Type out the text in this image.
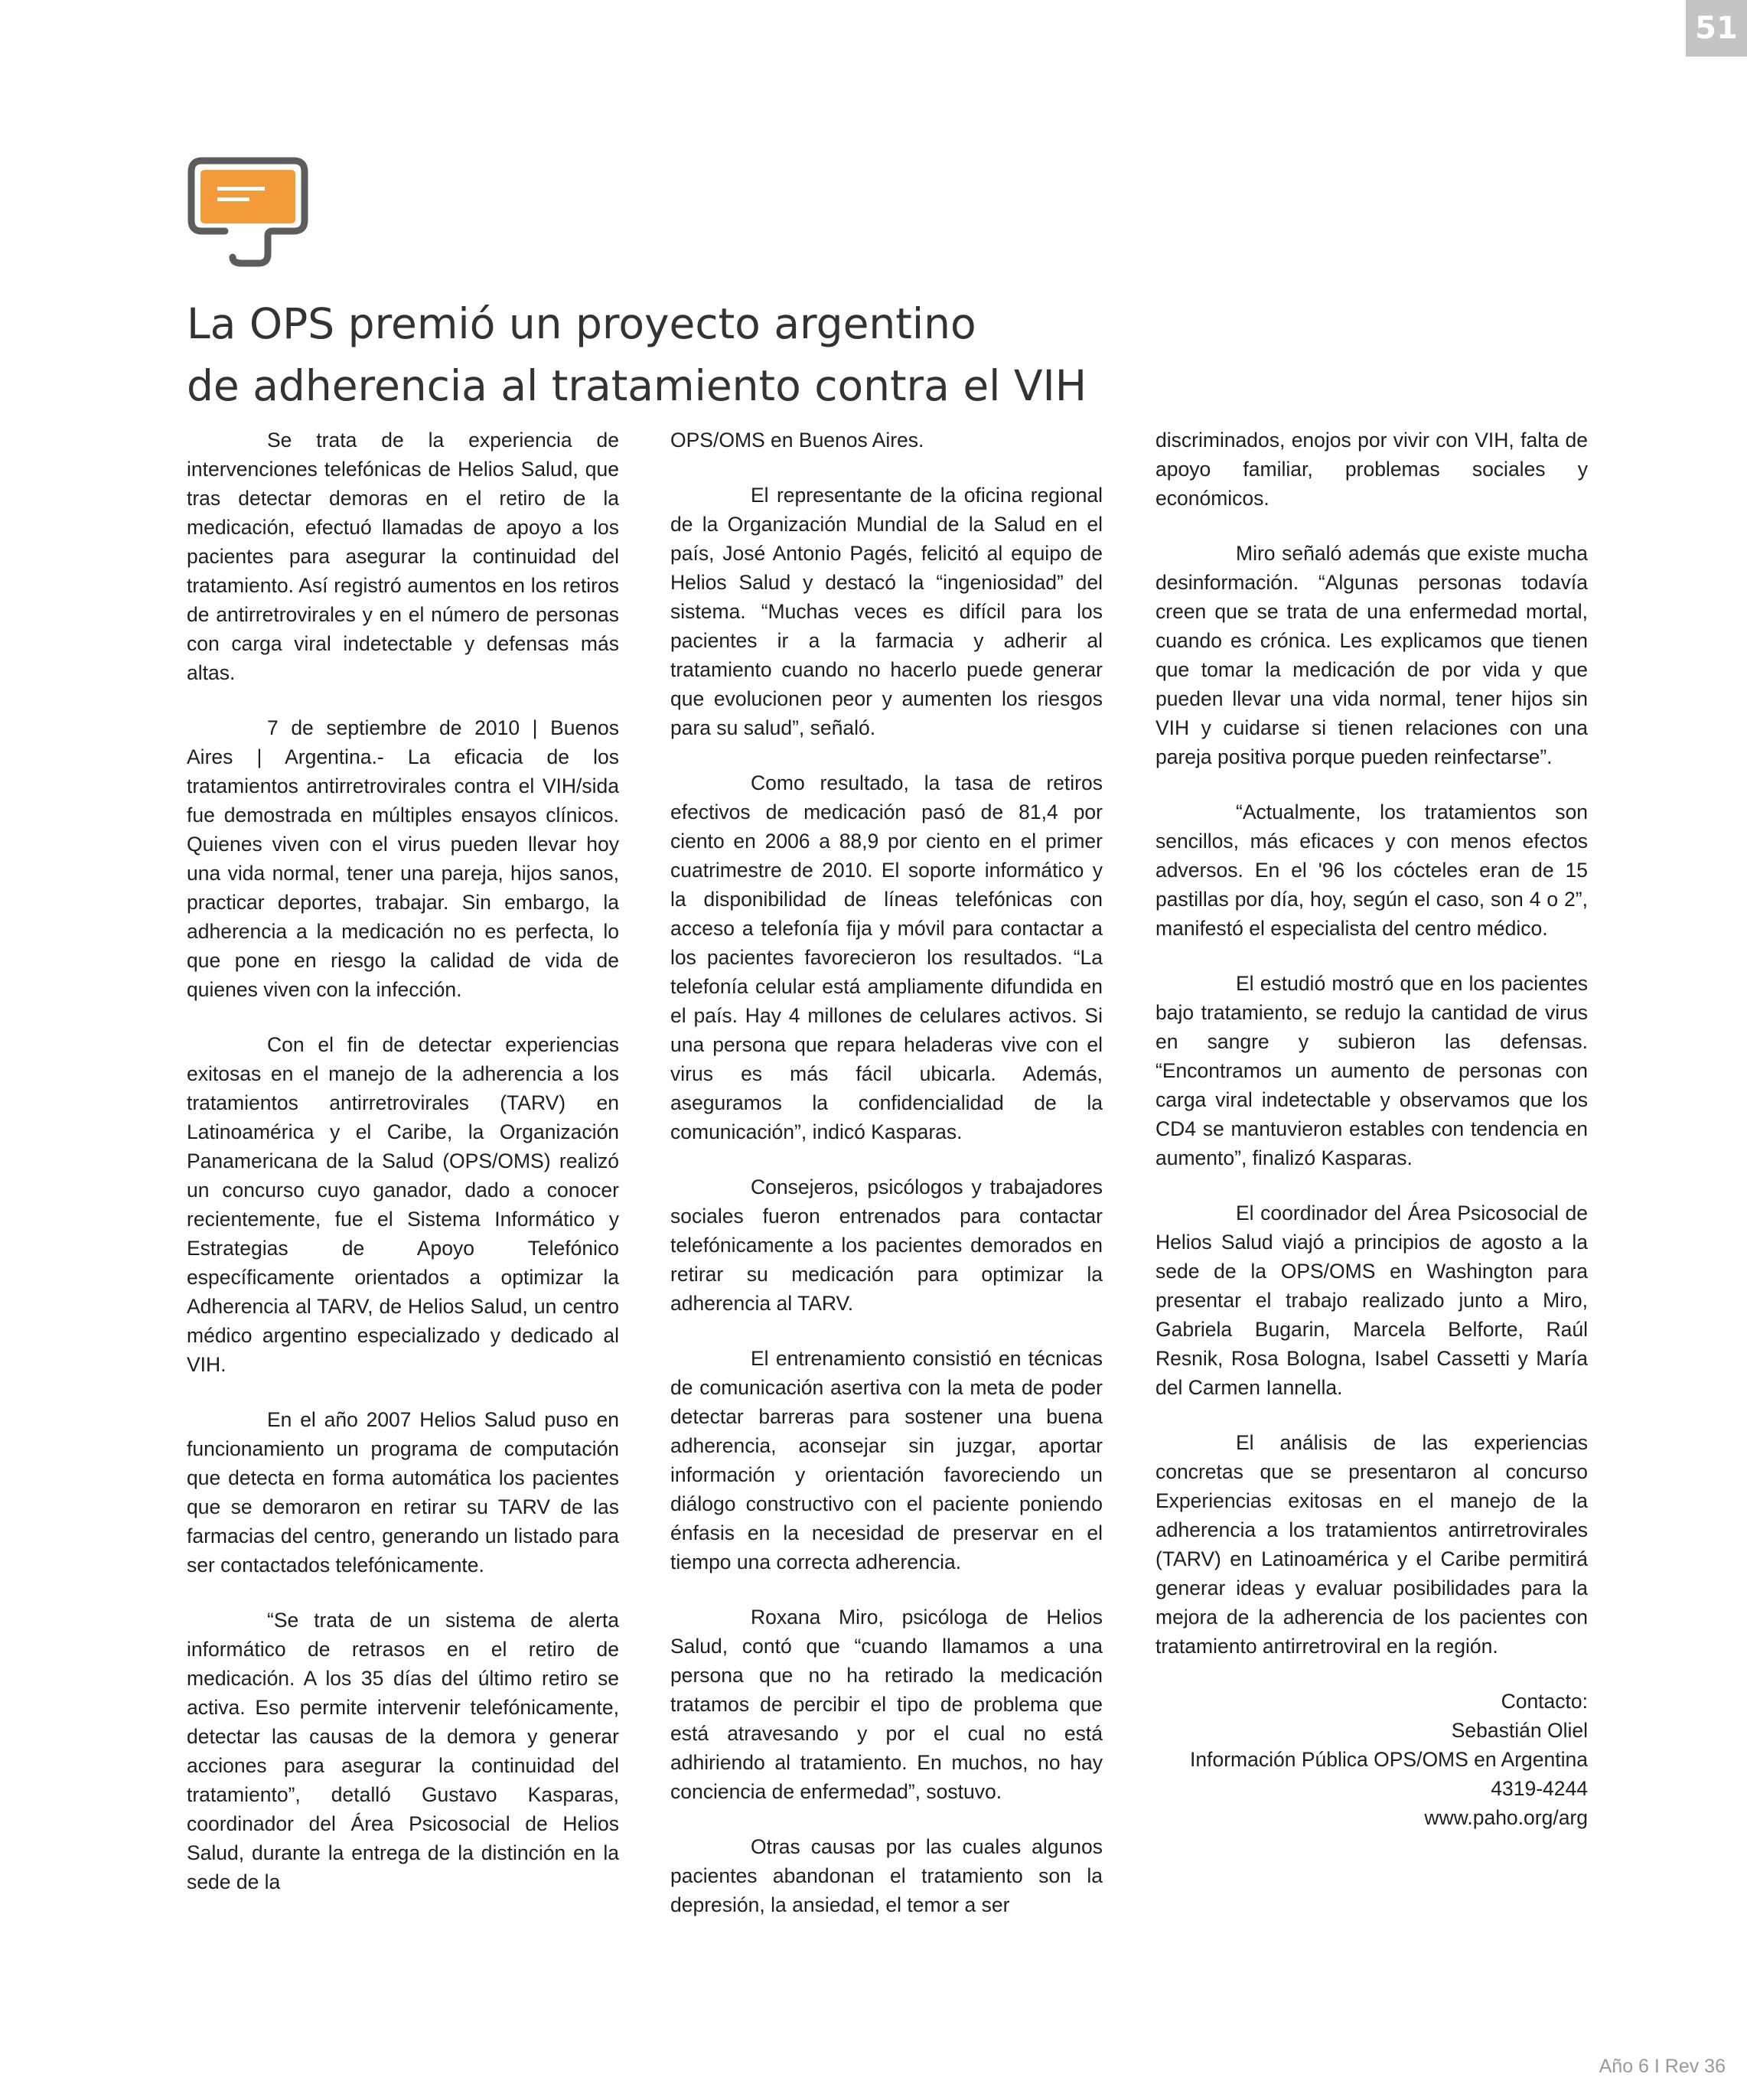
51
La OPS premió un proyecto argentino
de adherencia al tratamiento contra el VIH

Se trata de la experiencia de intervenciones telefónicas de Helios Salud, que tras detectar demoras en el retiro de la medicación, efectuó llamadas de apoyo a los pacientes para asegurar la continuidad del tratamiento. Así registró aumentos en los retiros de antirretrovirales y en el número de personas con carga viral indetectable y defensas más altas.

7 de septiembre de 2010 | Buenos Aires | Argentina.- La eficacia de los tratamientos antirretrovirales contra el VIH/sida fue demostrada en múltiples ensayos clínicos. Quienes viven con el virus pueden llevar hoy una vida normal, tener una pareja, hijos sanos, practicar deportes, trabajar. Sin embargo, la adherencia a la medicación no es perfecta, lo que pone en riesgo la calidad de vida de quienes viven con la infección.

Con el fin de detectar experiencias exitosas en el manejo de la adherencia a los tratamientos antirretrovirales (TARV) en Latinoamérica y el Caribe, la Organización Panamericana de la Salud (OPS/OMS) realizó un concurso cuyo ganador, dado a conocer recientemente, fue el Sistema Informático y Estrategias de Apoyo Telefónico específicamente orientados a optimizar la Adherencia al TARV, de Helios Salud, un centro médico argentino especializado y dedicado al VIH.

En el año 2007 Helios Salud puso en funcionamiento un programa de computación que detecta en forma automática los pacientes que se demoraron en retirar su TARV de las farmacias del centro, generando un listado para ser contactados telefónicamente.

“Se trata de un sistema de alerta informático de retrasos en el retiro de medicación. A los 35 días del último retiro se activa. Eso permite intervenir telefónicamente, detectar las causas de la demora y generar acciones para asegurar la continuidad del tratamiento”, detalló Gustavo Kasparas, coordinador del Área Psicosocial de Helios Salud, durante la entrega de la distinción en la sede de la

OPS/OMS en Buenos Aires.

El representante de la oficina regional de la Organización Mundial de la Salud en el país, José Antonio Pagés, felicitó al equipo de Helios Salud y destacó la “ingeniosidad” del sistema. “Muchas veces es difícil para los pacientes ir a la farmacia y adherir al tratamiento cuando no hacerlo puede generar que evolucionen peor y aumenten los riesgos para su salud”, señaló.

Como resultado, la tasa de retiros efectivos de medicación pasó de 81,4 por ciento en 2006 a 88,9 por ciento en el primer cuatrimestre de 2010. El soporte informático y la disponibilidad de líneas telefónicas con acceso a telefonía fija y móvil para contactar a los pacientes favorecieron los resultados. “La telefonía celular está ampliamente difundida en el país. Hay 4 millones de celulares activos. Si una persona que repara heladeras vive con el virus es más fácil ubicarla. Además, aseguramos la confidencialidad de la comunicación”, indicó Kasparas.

Consejeros, psicólogos y trabajadores sociales fueron entrenados para contactar telefónicamente a los pacientes demorados en retirar su medicación para optimizar la adherencia al TARV.

El entrenamiento consistió en técnicas de comunicación asertiva con la meta de poder detectar barreras para sostener una buena adherencia, aconsejar sin juzgar, aportar información y orientación favoreciendo un diálogo constructivo con el paciente poniendo énfasis en la necesidad de preservar en el tiempo una correcta adherencia.

Roxana Miro, psicóloga de Helios Salud, contó que “cuando llamamos a una persona que no ha retirado la medicación tratamos de percibir el tipo de problema que está atravesando y por el cual no está adhiriendo al tratamiento. En muchos, no hay conciencia de enfermedad”, sostuvo.

Otras causas por las cuales algunos pacientes abandonan el tratamiento son la depresión, la ansiedad, el temor a ser

discriminados, enojos por vivir con VIH, falta de apoyo familiar, problemas sociales y económicos.

Miro señaló además que existe mucha desinformación. “Algunas personas todavía creen que se trata de una enfermedad mortal, cuando es crónica. Les explicamos que tienen que tomar la medicación de por vida y que pueden llevar una vida normal, tener hijos sin VIH y cuidarse si tienen relaciones con una pareja positiva porque pueden reinfectarse”.

“Actualmente, los tratamientos son sencillos, más eficaces y con menos efectos adversos. En el '96 los cócteles eran de 15 pastillas por día, hoy, según el caso, son 4 o 2”, manifestó el especialista del centro médico.

El estudió mostró que en los pacientes bajo tratamiento, se redujo la cantidad de virus en sangre y subieron las defensas. “Encontramos un aumento de personas con carga viral indetectable y observamos que los CD4 se mantuvieron estables con tendencia en aumento”, finalizó Kasparas.

El coordinador del Área Psicosocial de Helios Salud viajó a principios de agosto a la sede de la OPS/OMS en Washington para presentar el trabajo realizado junto a Miro, Gabriela Bugarin, Marcela Belforte, Raúl Resnik, Rosa Bologna, Isabel Cassetti y María del Carmen Iannella.

El análisis de las experiencias concretas que se presentaron al concurso Experiencias exitosas en el manejo de la adherencia a los tratamientos antirretrovirales (TARV) en Latinoamérica y el Caribe permitirá generar ideas y evaluar posibilidades para la mejora de la adherencia de los pacientes con tratamiento antirretroviral en la región.

Contacto:
Sebastián Oliel
Información Pública OPS/OMS en Argentina
4319-4244
www.paho.org/arg
Año 6 I Rev 36
